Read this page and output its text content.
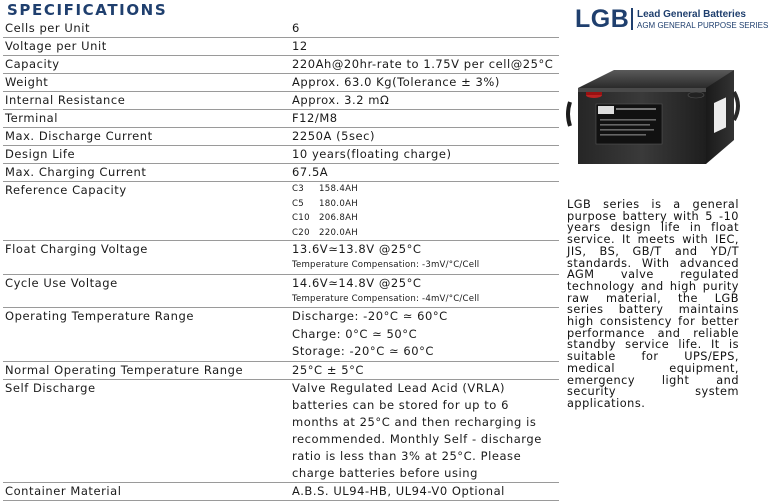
SPECIFICATIONS
Cells per Unit	6
Voltage per Unit	12
Capacity	220Ah@20hr-rate to 1.75V per cell@25°C
Weight	Approx. 63.0 Kg(Tolerance ± 3%)
Internal Resistance	Approx. 3.2 mΩ
Terminal	F12/M8
Max. Discharge Current	2250A (5sec)
Design Life	10 years(floating charge)
Max. Charging Current	67.5A
Reference Capacity	C3 158.4AH
C5 180.0AH
C10 206.8AH
C20 220.0AH

Float Charging Voltage	13.6V≃13.8V @25°C
Temperature Compensation: -3mV/°C/Cell

Cycle Use Voltage	14.6V≃14.8V @25°C
Temperature Compensation: -4mV/°C/Cell

Operating Temperature Range	Discharge: -20°C ≃ 60°C
Charge: 0°C ≃ 50°C
Storage: -20°C ≃ 60°C

Normal Operating Temperature Range	25°C ± 5°C
Self Discharge	Valve Regulated Lead Acid (VRLA) batteries can be stored for up to 6 months at 25°C and then recharging is recommended. Monthly Self - discharge ratio is less than 3% at 25°C. Please charge batteries before using
Container Material	A.B.S. UL94-HB, UL94-V0 Optional
LGB Lead General Batteries
AGM GENERAL PURPOSE SERIES
LGB series is a general purpose battery with 5 -10 years design life in float service. It meets with IEC, JIS, BS, GB/T and YD/T standards. With advanced AGM valve regulated technology and high purity raw material, the LGB series battery maintains high consistency for better performance and reliable standby service life. It is suitable for UPS/EPS, medical equipment, emergency light and security system applications.
